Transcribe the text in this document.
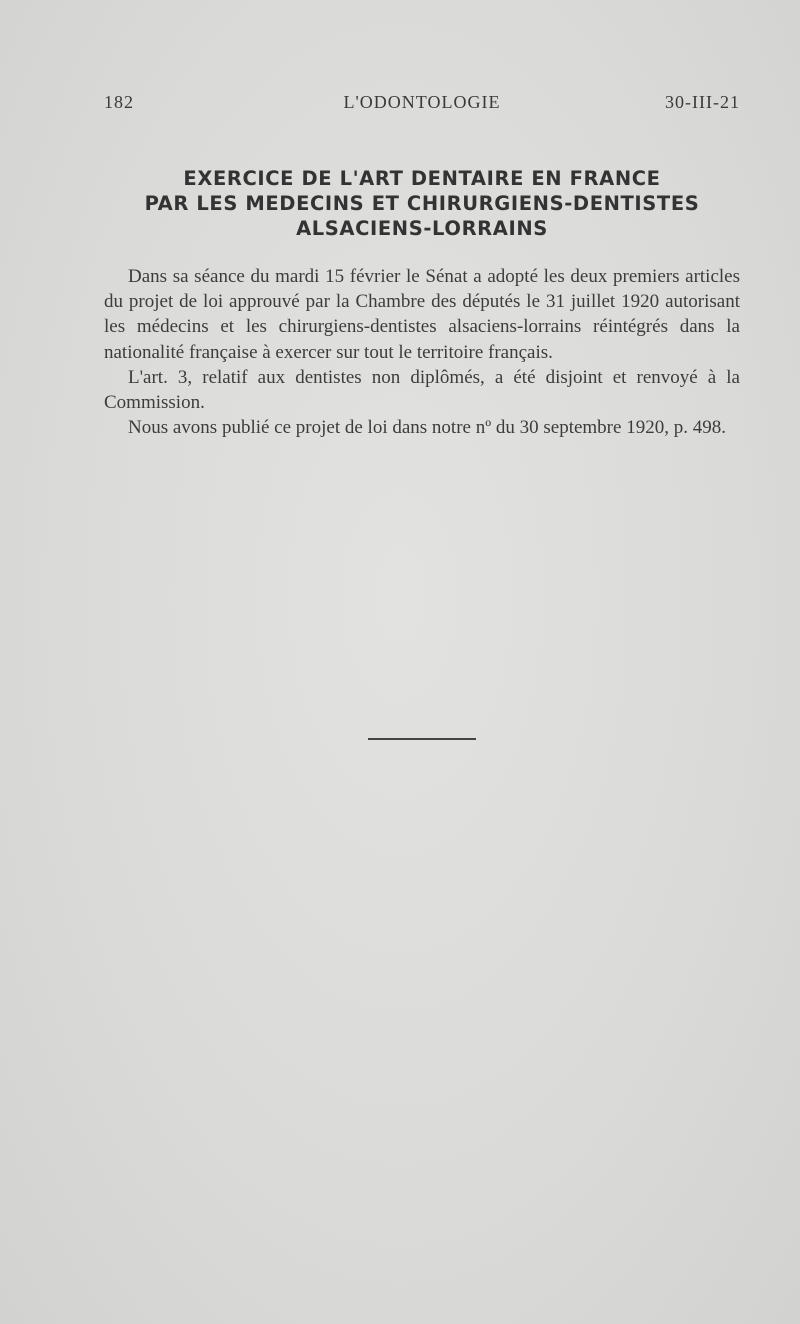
L'ODONTOLOGIE
182	30-III-21
EXERCICE DE L'ART DENTAIRE EN FRANCE
PAR LES MEDECINS ET CHIRURGIENS-DENTISTES
ALSACIENS-LORRAINS

Dans sa séance du mardi 15 février le Sénat a adopté les deux premiers articles du projet de loi approuvé par la Chambre des députés le 31 juillet 1920 autorisant les médecins et les chirurgiens-dentistes alsaciens-lorrains réintégrés dans la nationalité française à exercer sur tout le territoire français.

L'art. 3, relatif aux dentistes non diplômés, a été disjoint et renvoyé à la Commission.

Nous avons publié ce projet de loi dans notre nº du 30 septembre 1920, p. 498.
